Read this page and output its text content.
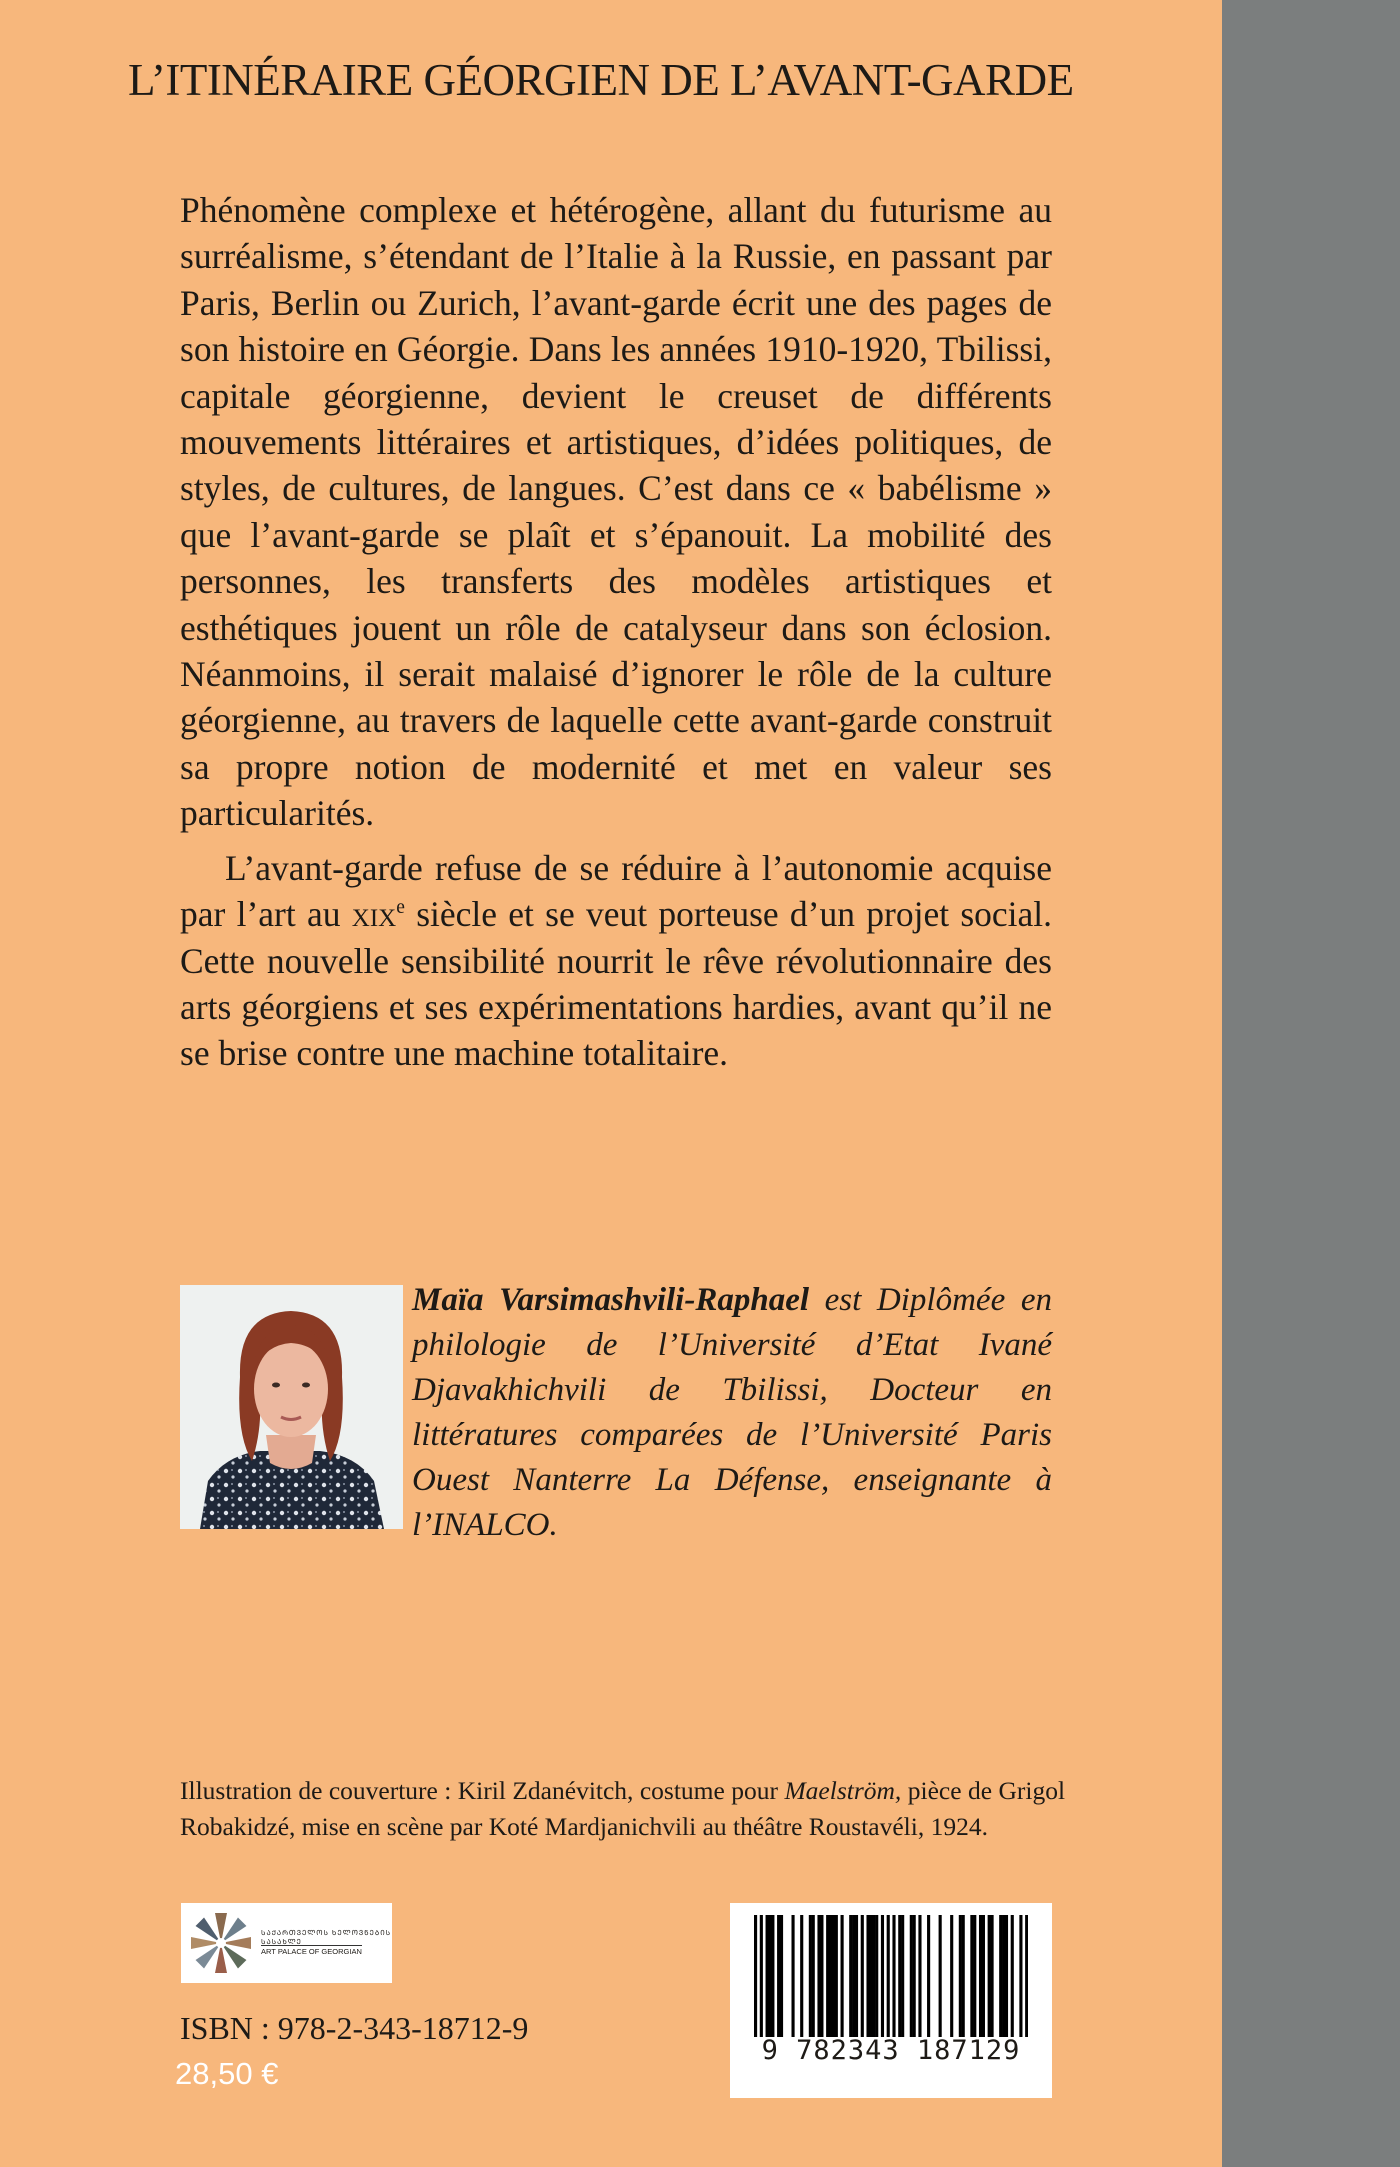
L’ITINÉRAIRE GÉORGIEN DE L’AVANT-GARDE

Phénomène complexe et hétérogène, allant du futurisme au surréalisme, s’étendant de l’Italie à la Russie, en passant par Paris, Berlin ou Zurich, l’avant-garde écrit une des pages de son histoire en Géorgie. Dans les années 1910-1920, Tbilissi, capitale géorgienne, devient le creuset de différents mouvements littéraires et artistiques, d’idées politiques, de styles, de cultures, de langues. C’est dans ce « babélisme » que l’avant-garde se plaît et s’épanouit. La mobilité des personnes, les transferts des modèles artistiques et esthétiques jouent un rôle de catalyseur dans son éclosion. Néanmoins, il serait malaisé d’ignorer le rôle de la culture géorgienne, au travers de laquelle cette avant-garde construit sa propre notion de modernité et met en valeur ses particularités.

L’avant-garde refuse de se réduire à l’autonomie acquise par l’art au xix$^e$ siècle et se veut porteuse d’un projet social. Cette nouvelle sensibilité nourrit le rêve révolutionnaire des arts géorgiens et ses expérimentations hardies, avant qu’il ne se brise contre une machine totalitaire.

Maïa Varsimashvili-Raphael est Diplômée en philologie de l’Université d’Etat Ivané Djavakhichvili de Tbilissi, Docteur en littératures comparées de l’Université Paris Ouest Nanterre La Défense, enseignante à l’INALCO.
Illustration de couverture : Kiril Zdanévitch, costume pour Maelström, pièce de Grigol Robakidzé, mise en scène par Koté Mardjanichvili au théâtre Roustavéli, 1924.
ᲡᲐᲥᲐᲠᲗᲕᲔᲚᲝᲡ ᲮᲔᲚᲝᲕᲜᲔᲑᲘᲡ ᲡᲐᲡᲐᲮᲚᲔ
ART PALACE OF GEORGIAN
9 782343 187129
ISBN : 978-2-343-18712-9
28,50 €
